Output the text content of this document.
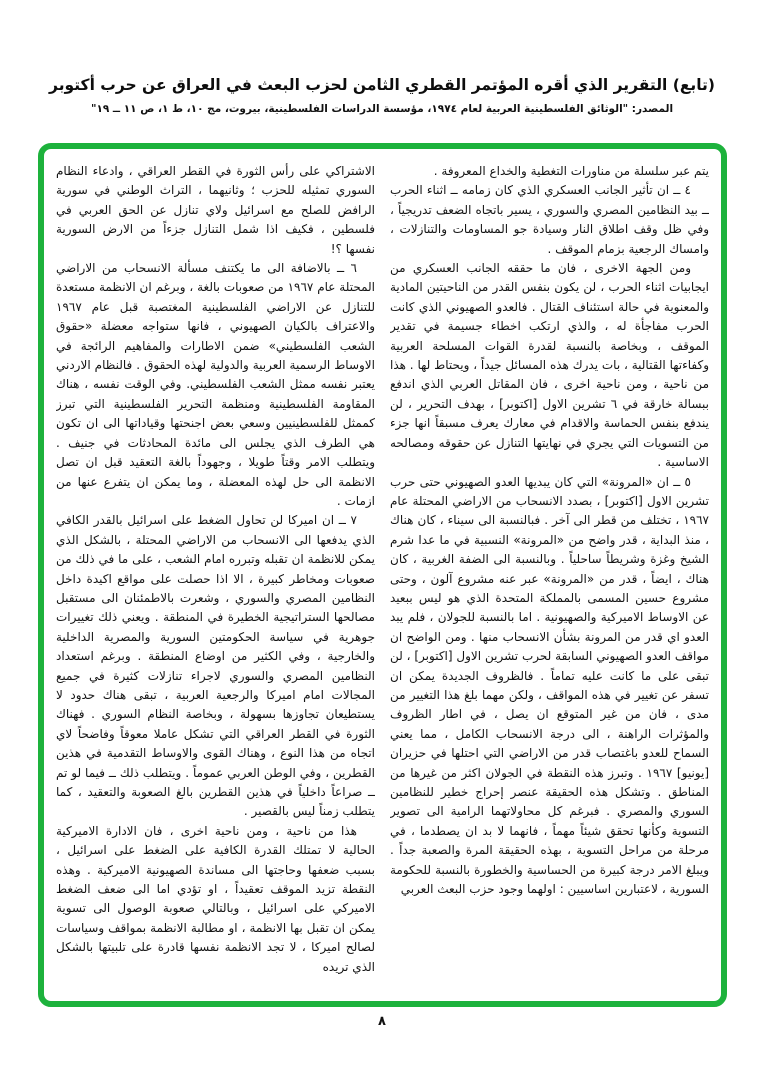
(تابع) التقرير الذي أقره المؤتمر القطري الثامن لحزب البعث في العراق عن حرب أكتوبر
المصدر: "الوثائق الفلسطينية العربية لعام ١٩٧٤، مؤسسة الدراسات الفلسطينية، بيروت، مج ١٠، ط ١، ص ١١ ــ ١٩"

يتم عبر سلسلة من مناورات التغطية والخداع المعروفة .

٤ ــ ان تأثير الجانب العسكري الذي كان زمامه ــ اثناء الحرب ــ بيد النظامين المصري والسوري ، يسير باتجاه الضعف تدريجياً ، وفي ظل وقف اطلاق النار وسيادة جو المساومات والتنازلات ، وامساك الرجعية بزمام الموقف .

ومن الجهة الاخرى ، فان ما حققه الجانب العسكري من ايجابيات اثناء الحرب ، لن يكون بنفس القدر من الناحيتين المادية والمعنوية في حالة استئناف القتال . فالعدو الصهيوني الذي كانت الحرب مفاجأة له ، والذي ارتكب اخطاء جسيمة في تقدير الموقف ، وبخاصة بالنسبة لقدرة القوات المسلحة العربية وكفاءتها القتالية ، بات يدرك هذه المسائل جيداً ، ويحتاط لها . هذا من ناحية ، ومن ناحية اخرى ، فان المقاتل العربي الذي اندفع ببسالة خارقة في ٦ تشرين الاول [اكتوبر] ، بهدف التحرير ، لن يندفع بنفس الحماسة والاقدام في معارك يعرف مسبقاً انها جزء من التسويات التي يجري في نهايتها التنازل عن حقوقه ومصالحه الاساسية .

٥ ــ ان «المرونة» التي كان يبديها العدو الصهيوني حتى حرب تشرين الاول [اكتوبر] ، بصدد الانسحاب من الاراضي المحتلة عام ١٩٦٧ ، تختلف من قطر الى آخر . فبالنسبة الى سيناء ، كان هناك ، منذ البداية ، قدر واضح من «المرونة» النسبية في ما عدا شرم الشيخ وغزة وشريطاً ساحلياً . وبالنسبة الى الضفة الغربية ، كان هناك ، ايضاً ، قدر من «المرونة» عبر عنه مشروع آلون ، وحتى مشروع حسين المسمى بالمملكة المتحدة الذي هو ليس ببعيد عن الاوساط الاميركية والصهيونية . اما بالنسبة للجولان ، فلم يبد العدو اي قدر من المرونة بشأن الانسحاب منها . ومن الواضح ان مواقف العدو الصهيوني السابقة لحرب تشرين الاول [اكتوبر] ، لن تبقى على ما كانت عليه تماماً . فالظروف الجديدة يمكن ان تسفر عن تغيير في هذه المواقف ، ولكن مهما بلغ هذا التغيير من مدى ، فان من غير المتوقع ان يصل ، في اطار الظروف والمؤثرات الراهنة ، الى درجة الانسحاب الكامل ، مما يعني السماح للعدو باغتصاب قدر من الاراضي التي احتلها في حزيران [يونيو] ١٩٦٧ . وتبرز هذه النقطة في الجولان اكثر من غيرها من المناطق . وتشكل هذه الحقيقة عنصر إحراج خطير للنظامين السوري والمصري . فبرغم كل محاولاتهما الرامية الى تصوير التسوية وكأنها تحقق شيئاً مهماً ، فانهما لا بد ان يصطدما ، في مرحلة من مراحل التسوية ، بهذه الحقيقة المرة والصعبة جداً . ويبلغ الامر درجة كبيرة من الحساسية والخطورة بالنسبة للحكومة السورية ، لاعتبارين اساسيين : اولهما وجود حزب البعث العربي

الاشتراكي على رأس الثورة في القطر العراقي ، وادعاء النظام السوري تمثيله للحزب ؛ وثانيهما ، التراث الوطني في سورية الرافض للصلح مع اسرائيل ولاي تنازل عن الحق العربي في فلسطين ، فكيف اذا شمل التنازل جزءاً من الارض السورية نفسها ؟!

٦ ــ بالاضافة الى ما يكتنف مسألة الانسحاب من الاراضي المحتلة عام ١٩٦٧ من صعوبات بالغة ، وبرغم ان الانظمة مستعدة للتنازل عن الاراضي الفلسطينية المغتصبة قبل عام ١٩٦٧ والاعتراف بالكيان الصهيوني ، فانها ستواجه معضلة «حقوق الشعب الفلسطيني» ضمن الاطارات والمفاهيم الرائجة في الاوساط الرسمية العربية والدولية لهذه الحقوق . فالنظام الاردني يعتبر نفسه ممثل الشعب الفلسطيني. وفي الوقت نفسه ، هناك المقاومة الفلسطينية ومنظمة التحرير الفلسطينية التي تبرز كممثل للفلسطينيين وسعي بعض اجنحتها وقياداتها الى ان تكون هي الطرف الذي يجلس الى مائدة المحادثات في جنيف . ويتطلب الامر وقتاً طويلا ، وجهوداً بالغة التعقيد قبل ان تصل الانظمة الى حل لهذه المعضلة ، وما يمكن ان يتفرع عنها من ازمات .

٧ ــ ان اميركا لن تحاول الضغط على اسرائيل بالقدر الكافي الذي يدفعها الى الانسحاب من الاراضي المحتلة ، بالشكل الذي يمكن للانظمة ان تقبله وتبرره امام الشعب ، على ما في ذلك من صعوبات ومخاطر كبيرة ، الا اذا حصلت على مواقع اكيدة داخل النظامين المصري والسوري ، وشعرت بالاطمئنان الى مستقبل مصالحها الستراتيجية الخطيرة في المنطقة . ويعني ذلك تغييرات جوهرية في سياسة الحكومتين السورية والمصرية الداخلية والخارجية ، وفي الكثير من اوضاع المنطقة . وبرغم استعداد النظامين المصري والسوري لاجراء تنازلات كثيرة في جميع المجالات امام اميركا والرجعية العربية ، تبقى هناك حدود لا يستطيعان تجاوزها بسهولة ، وبخاصة النظام السوري . فهناك الثورة في القطر العراقي التي تشكل عاملا معوقاً وفاضحاً لاي اتجاه من هذا النوع ، وهناك القوى والاوساط التقدمية في هذين القطرين ، وفي الوطن العربي عموماً . ويتطلب ذلك ــ فيما لو تم ــ صراعاً داخلياً في هذين القطرين بالغ الصعوبة والتعقيد ، كما يتطلب زمناً ليس بالقصير .

هذا من ناحية ، ومن ناحية اخرى ، فان الادارة الاميركية الحالية لا تمتلك القدرة الكافية على الضغط على اسرائيل ، بسبب ضعفها وحاجتها الى مساندة الصهيونية الاميركية . وهذه النقطة تزيد الموقف تعقيداً ، او تؤدي اما الى ضعف الضغط الاميركي على اسرائيل ، وبالتالي صعوبة الوصول الى تسوية يمكن ان تقبل بها الانظمة ، او مطالبة الانظمة بمواقف وسياسات لصالح اميركا ، لا تجد الانظمة نفسها قادرة على تلبيتها بالشكل الذي تريده

٨
